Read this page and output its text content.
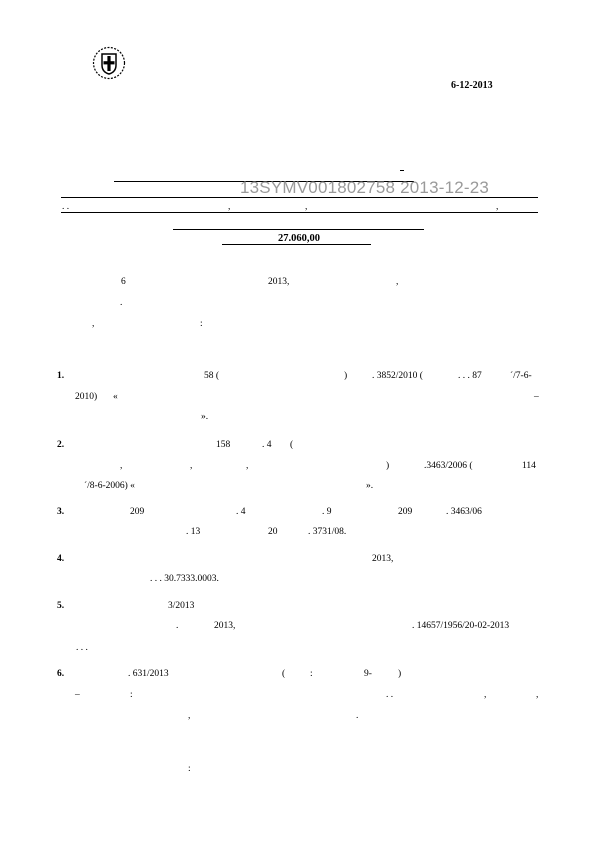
6-12-2013
13SYMV001802758 2013-12-23
. .	,	,	,
27.060,00
6	2013,	,
.
,	:
1.	58 (	)	. 3852/2010 (	. . . 87	´/7-6-
2010) «	–
».
2.	158	. 4 (
,	,	,	)	.3463/2006 (	114
´/8-6-2006) «	».
3.	209	. 4	. 9	209	. 3463/06
. 13	20	. 3731/08.
4.	2013,
. . . 30.7333.0003.
5.	3/2013
.	2013,	. 14657/1956/20-02-2013
. . .
6.	. 631/2013	(	:	9-	)
–	:	. .	,	,
,	.
:
